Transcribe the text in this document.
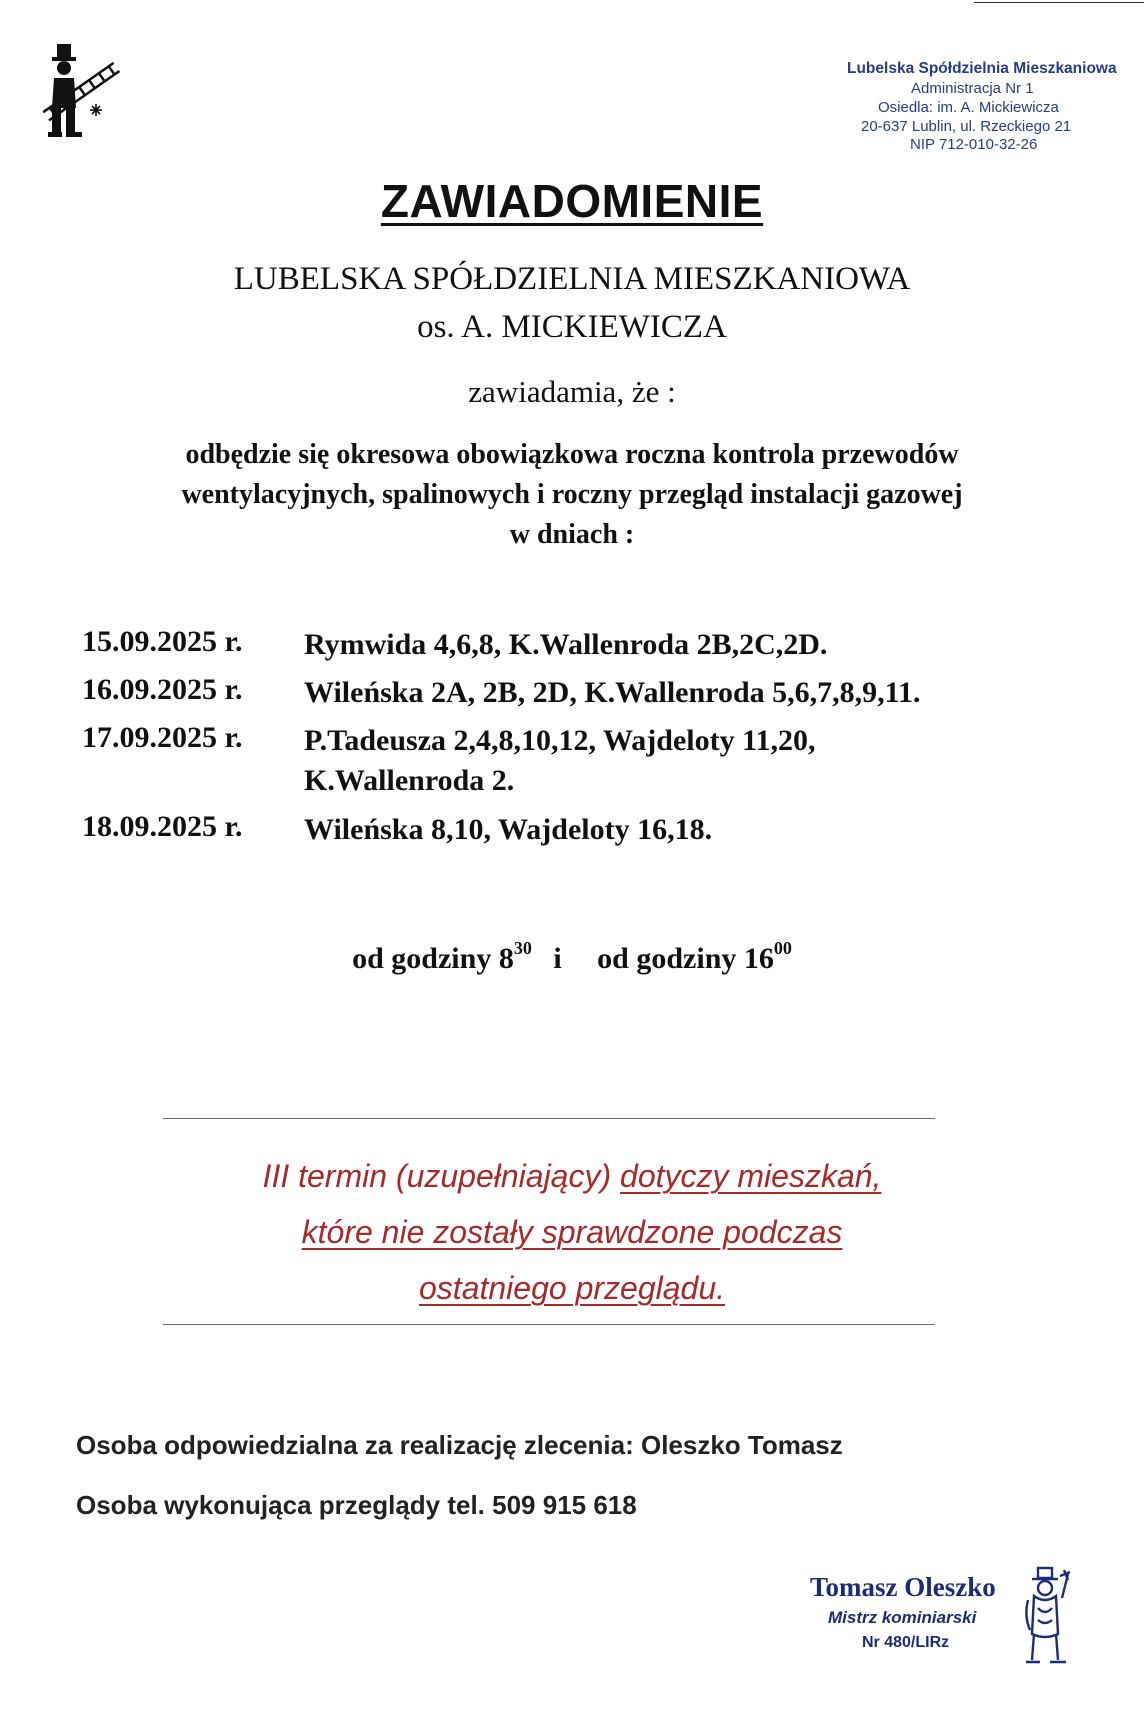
Lubelska Spółdzielnia Mieszkaniowa
Administracja Nr 1
Osiedla: im. A. Mickiewicza
20-637 Lublin, ul. Rzeckiego 21
NIP 712-010-32-26
ZAWIADOMIENIE
LUBELSKA SPÓŁDZIELNIA MIESZKANIOWA
os. A. MICKIEWICZA
zawiadamia, że :
odbędzie się okresowa obowiązkowa roczna kontrola przewodów
wentylacyjnych, spalinowych i roczny przegląd instalacji gazowej
w dniach :
15.09.2025 r. Rymwida 4,6,8, K.Wallenroda 2B,2C,2D.
16.09.2025 r. Wileńska 2A, 2B, 2D, K.Wallenroda 5,6,7,8,9,11.
17.09.2025 r. P.Tadeusza 2,4,8,10,12, Wajdeloty 11,20,
K.Wallenroda 2.
18.09.2025 r. Wileńska 8,10, Wajdeloty 16,18.
od godziny $8^{30}$ i od godziny $16^{00}$
III termin (uzupełniający) dotyczy mieszkań,
które nie zostały sprawdzone podczas
ostatniego przeglądu.
Osoba odpowiedzialna za realizację zlecenia: Oleszko Tomasz
Osoba wykonująca przeglądy tel. 509 915 618
Tomasz Oleszko
Mistrz kominiarski
Nr 480/LIRz
